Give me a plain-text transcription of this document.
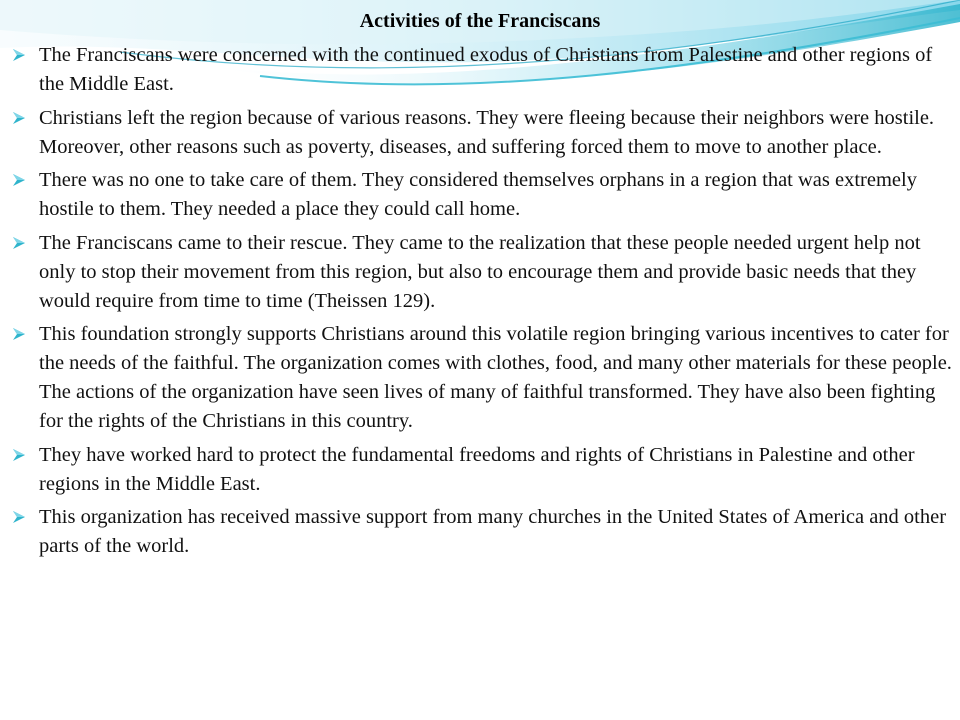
Activities of the Franciscans
The Franciscans were concerned with the continued exodus of Christians from Palestine and other regions of the Middle East.
Christians left the region because of various reasons. They were fleeing because their neighbors were hostile. Moreover, other reasons such as poverty, diseases, and suffering forced them to move to another place.
There was no one to take care of them. They considered themselves orphans in a region that was extremely hostile to them. They needed a place they could call home.
The Franciscans came to their rescue. They came to the realization that these people needed urgent help not only to stop their movement from this region, but also to encourage them and provide basic needs that they would require from time to time (Theissen 129).
This foundation strongly supports Christians around this volatile region bringing various incentives to cater for the needs of the faithful. The organization comes with clothes, food, and many other materials for these people. The actions of the organization have seen lives of many of faithful transformed. They have also been fighting for the rights of the Christians in this country.
They have worked hard to protect the fundamental freedoms and rights of Christians in Palestine and other regions in the Middle East.
This organization has received massive support from many churches in the United States of America and other parts of the world.
